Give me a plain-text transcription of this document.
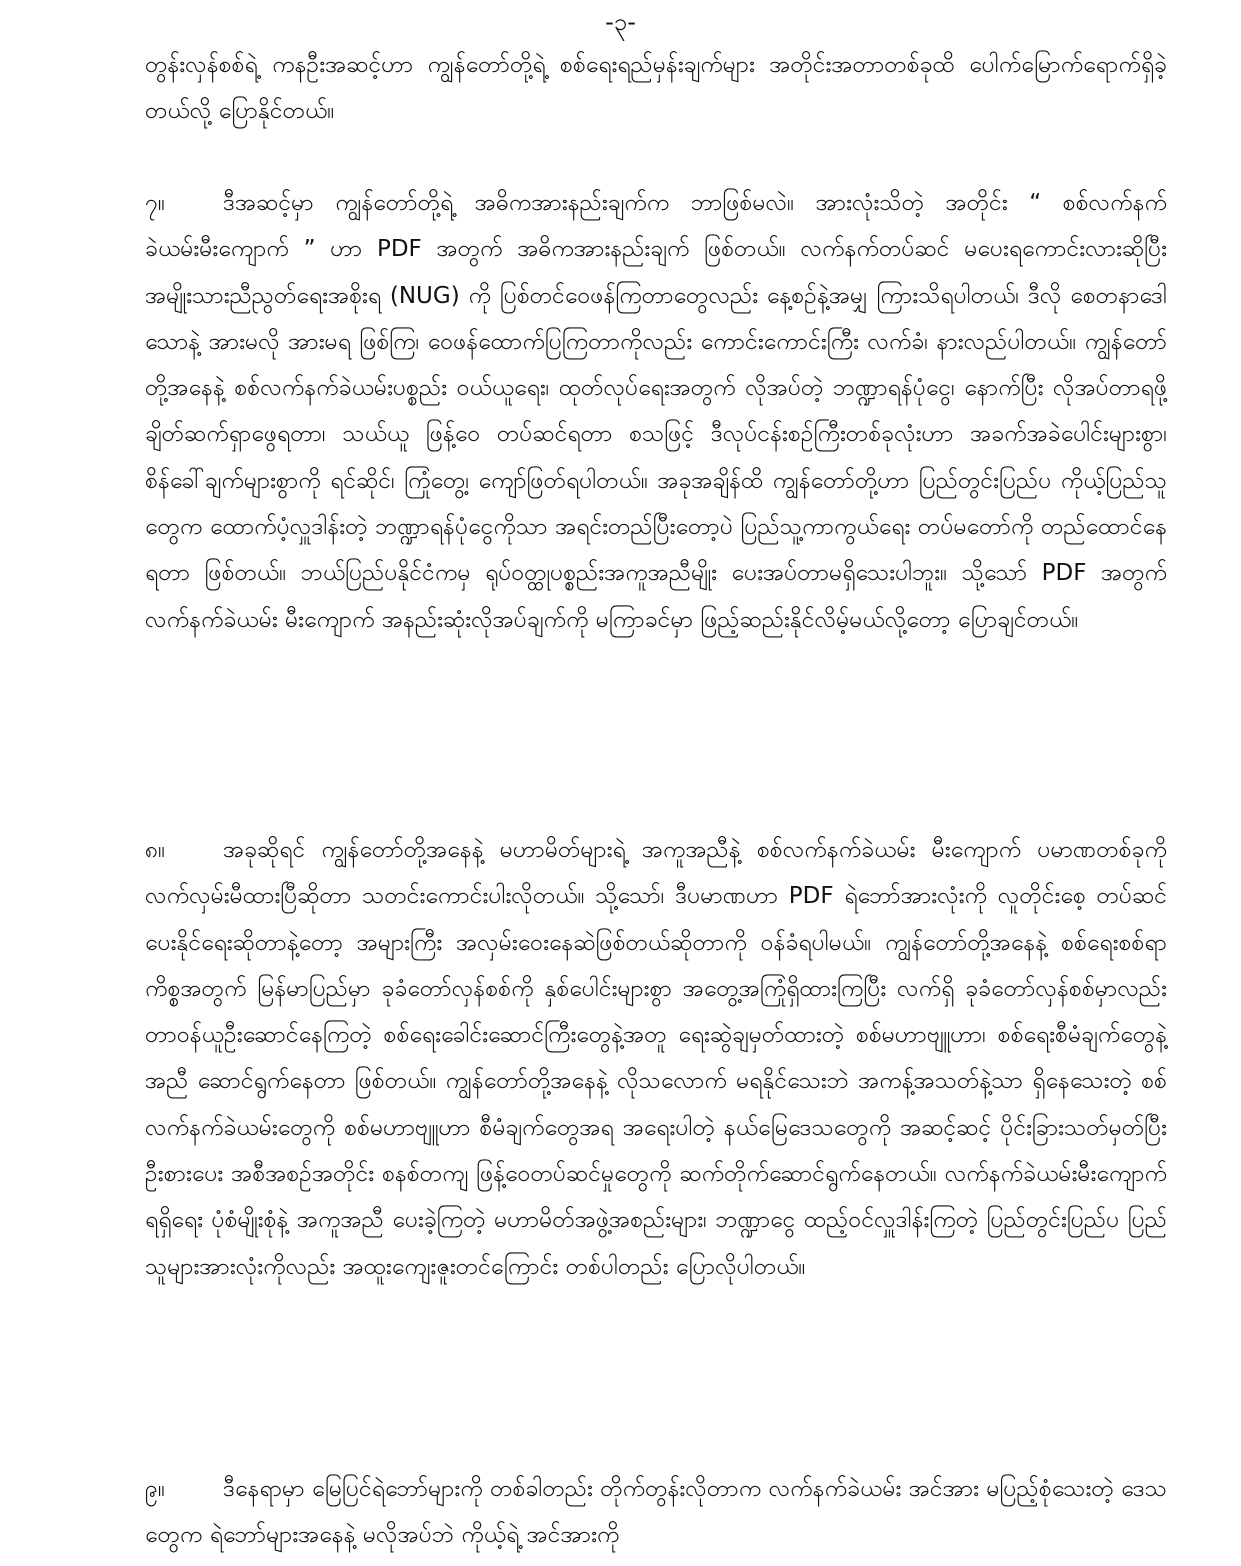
-၃-

တွန်းလှန်စစ်ရဲ့ ကနဦးအဆင့်ဟာ ကျွန်တော်တို့ရဲ့ စစ်ရေးရည်မှန်းချက်များ အတိုင်းအတာတစ်ခုထိ ပေါက်မြောက်ရောက်ရှိခဲ့တယ်လို့ ပြောနိုင်တယ်။

၇။	ဒီအဆင့်မှာ ကျွန်တော်တို့ရဲ့ အဓိကအားနည်းချက်က ဘာဖြစ်မလဲ။ အားလုံးသိတဲ့ အတိုင်း “ စစ်လက်နက်ခဲယမ်းမီးကျောက် ” ဟာ PDF အတွက် အဓိကအားနည်းချက် ဖြစ်တယ်။ လက်နက်တပ်ဆင် မပေးရကောင်းလားဆိုပြီး အမျိုးသားညီညွတ်ရေးအစိုးရ (NUG) ကို ပြစ်တင်ဝေဖန်ကြတာတွေလည်း နေ့စဉ်နဲ့အမျှ ကြားသိရပါတယ်၊ ဒီလို စေတနာဒေါသောနဲ့ အားမလို အားမရ ဖြစ်ကြ၊ ဝေဖန်ထောက်ပြကြတာကိုလည်း ကောင်းကောင်းကြီး လက်ခံ၊ နားလည်ပါတယ်။ ကျွန်တော်တို့အနေနဲ့ စစ်လက်နက်ခဲယမ်းပစ္စည်း ဝယ်ယူရေး၊ ထုတ်လုပ်ရေးအတွက် လိုအပ်တဲ့ ဘဏ္ဍာရန်ပုံငွေ၊ နောက်ပြီး လိုအပ်တာရဖို့ ချိတ်ဆက်ရှာဖွေရတာ၊ သယ်ယူ ဖြန့်ဝေ တပ်ဆင်ရတာ စသဖြင့် ဒီလုပ်ငန်းစဉ်ကြီးတစ်ခုလုံးဟာ အခက်အခဲပေါင်းများစွာ၊ စိန်ခေါ်ချက်များစွာကို ရင်ဆိုင်၊ ကြုံတွေ့၊ ကျော်ဖြတ်ရပါတယ်။ အခုအချိန်ထိ ကျွန်တော်တို့ဟာ ပြည်တွင်းပြည်ပ ကိုယ့်ပြည်သူတွေက ထောက်ပံ့လှူဒါန်းတဲ့ ဘဏ္ဍာရန်ပုံငွေကိုသာ အရင်းတည်ပြီးတော့ပဲ ပြည်သူ့ကာကွယ်ရေး တပ်မတော်ကို တည်ထောင်နေရတာ ဖြစ်တယ်။ ဘယ်ပြည်ပနိုင်ငံကမှ ရုပ်ဝတ္ထုပစ္စည်းအကူအညီမျိုး ပေးအပ်တာမရှိသေးပါဘူး။ သို့သော် PDF အတွက် လက်နက်ခဲယမ်း မီးကျောက် အနည်းဆုံးလိုအပ်ချက်ကို မကြာခင်မှာ ဖြည့်ဆည်းနိုင်လိမ့်မယ်လို့တော့ ပြောချင်တယ်။

၈။	အခုဆိုရင် ကျွန်တော်တို့အနေနဲ့ မဟာမိတ်များရဲ့ အကူအညီနဲ့ စစ်လက်နက်ခဲယမ်း မီးကျောက် ပမာဏတစ်ခုကို လက်လှမ်းမီထားပြီဆိုတာ သတင်းကောင်းပါးလိုတယ်။ သို့သော်၊ ဒီပမာဏဟာ PDF ရဲဘော်အားလုံးကို လူတိုင်းစေ့ တပ်ဆင်ပေးနိုင်ရေးဆိုတာနဲ့တော့ အများကြီး အလှမ်းဝေးနေဆဲဖြစ်တယ်ဆိုတာကို ဝန်ခံရပါမယ်။ ကျွန်တော်တို့အနေနဲ့ စစ်ရေးစစ်ရာကိစ္စအတွက် မြန်မာပြည်မှာ ခုခံတော်လှန်စစ်ကို နှစ်ပေါင်းများစွာ အတွေ့အကြုံရှိထားကြပြီး လက်ရှိ ခုခံတော်လှန်စစ်မှာလည်း တာဝန်ယူဦးဆောင်နေကြတဲ့ စစ်ရေးခေါင်းဆောင်ကြီးတွေနဲ့အတူ ရေးဆွဲချမှတ်ထားတဲ့ စစ်မဟာဗျူဟာ၊ စစ်ရေးစီမံချက်တွေနဲ့အညီ ဆောင်ရွက်နေတာ ဖြစ်တယ်။ ကျွန်တော်တို့အနေနဲ့ လိုသလောက် မရနိုင်သေးဘဲ အကန့်အသတ်နဲ့သာ ရှိနေသေးတဲ့ စစ်လက်နက်ခဲယမ်းတွေကို စစ်မဟာဗျူဟာ စီမံချက်တွေအရ အရေးပါတဲ့ နယ်မြေဒေသတွေကို အဆင့်ဆင့် ပိုင်းခြားသတ်မှတ်ပြီး ဦးစားပေး အစီအစဉ်အတိုင်း စနစ်တကျ ဖြန့်ဝေတပ်ဆင်မှုတွေကို ဆက်တိုက်ဆောင်ရွက်နေတယ်။ လက်နက်ခဲယမ်းမီးကျောက် ရရှိရေး ပုံစံမျိုးစုံနဲ့ အကူအညီ ပေးခဲ့ကြတဲ့ မဟာမိတ်အဖွဲ့အစည်းများ၊ ဘဏ္ဍာငွေ ထည့်ဝင်လှူဒါန်းကြတဲ့ ပြည်တွင်းပြည်ပ ပြည်သူများအားလုံးကိုလည်း အထူးကျေးဇူးတင်ကြောင်း တစ်ပါတည်း ပြောလိုပါတယ်။

၉။	ဒီနေရာမှာ မြေပြင်ရဲဘော်များကို တစ်ခါတည်း တိုက်တွန်းလိုတာက လက်နက်ခဲယမ်း အင်အား မပြည့်စုံသေးတဲ့ ဒေသတွေက ရဲဘော်များအနေနဲ့ မလိုအပ်ဘဲ ကိုယ့်ရဲ့ အင်အားကို
